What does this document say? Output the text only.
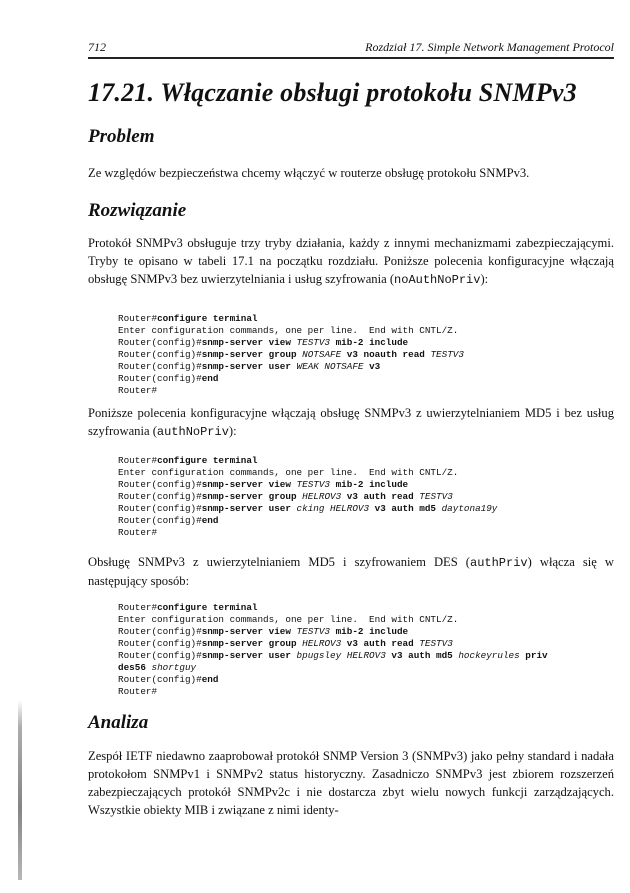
712	Rozdział 17. Simple Network Management Protocol

17.21. Włączanie obsługi protokołu SNMPv3
Problem

Ze względów bezpieczeństwa chcemy włączyć w routerze obsługę protokołu SNMPv3.

Rozwiązanie

Protokół SNMPv3 obsługuje trzy tryby działania, każdy z innymi mechanizmami zabezpieczającymi. Tryby te opisano w tabeli 17.1 na początku rozdziału. Poniższe polecenia konfiguracyjne włączają obsługę SNMPv3 bez uwierzytelniania i usług szyfrowania (noAuthNoPriv):

Router#configure terminal
Enter configuration commands, one per line.  End with CNTL/Z.
Router(config)#snmp-server view TESTV3 mib-2 include
Router(config)#snmp-server group NOTSAFE v3 noauth read TESTV3
Router(config)#snmp-server user WEAK NOTSAFE v3
Router(config)#end
Router#

Poniższe polecenia konfiguracyjne włączają obsługę SNMPv3 z uwierzytelnianiem MD5 i bez usług szyfrowania (authNoPriv):

Router#configure terminal
Enter configuration commands, one per line.  End with CNTL/Z.
Router(config)#snmp-server view TESTV3 mib-2 include
Router(config)#snmp-server group HELROV3 v3 auth read TESTV3
Router(config)#snmp-server user cking HELROV3 v3 auth md5 daytona19y
Router(config)#end
Router#

Obsługę SNMPv3 z uwierzytelnianiem MD5 i szyfrowaniem DES (authPriv) włącza się w następujący sposób:

Router#configure terminal
Enter configuration commands, one per line.  End with CNTL/Z.
Router(config)#snmp-server view TESTV3 mib-2 include
Router(config)#snmp-server group HELROV3 v3 auth read TESTV3
Router(config)#snmp-server user bpugsley HELROV3 v3 auth md5 hockeyrules priv
des56 shortguy
Router(config)#end
Router#
Analiza

Zespół IETF niedawno zaaprobował protokół SNMP Version 3 (SNMPv3) jako pełny standard i nadała protokołom SNMPv1 i SNMPv2 status historyczny. Zasadniczo SNMPv3 jest zbiorem rozszerzeń zabezpieczających protokół SNMPv2c i nie dostarcza zbyt wielu nowych funkcji zarządzających. Wszystkie obiekty MIB i związane z nimi identy-
